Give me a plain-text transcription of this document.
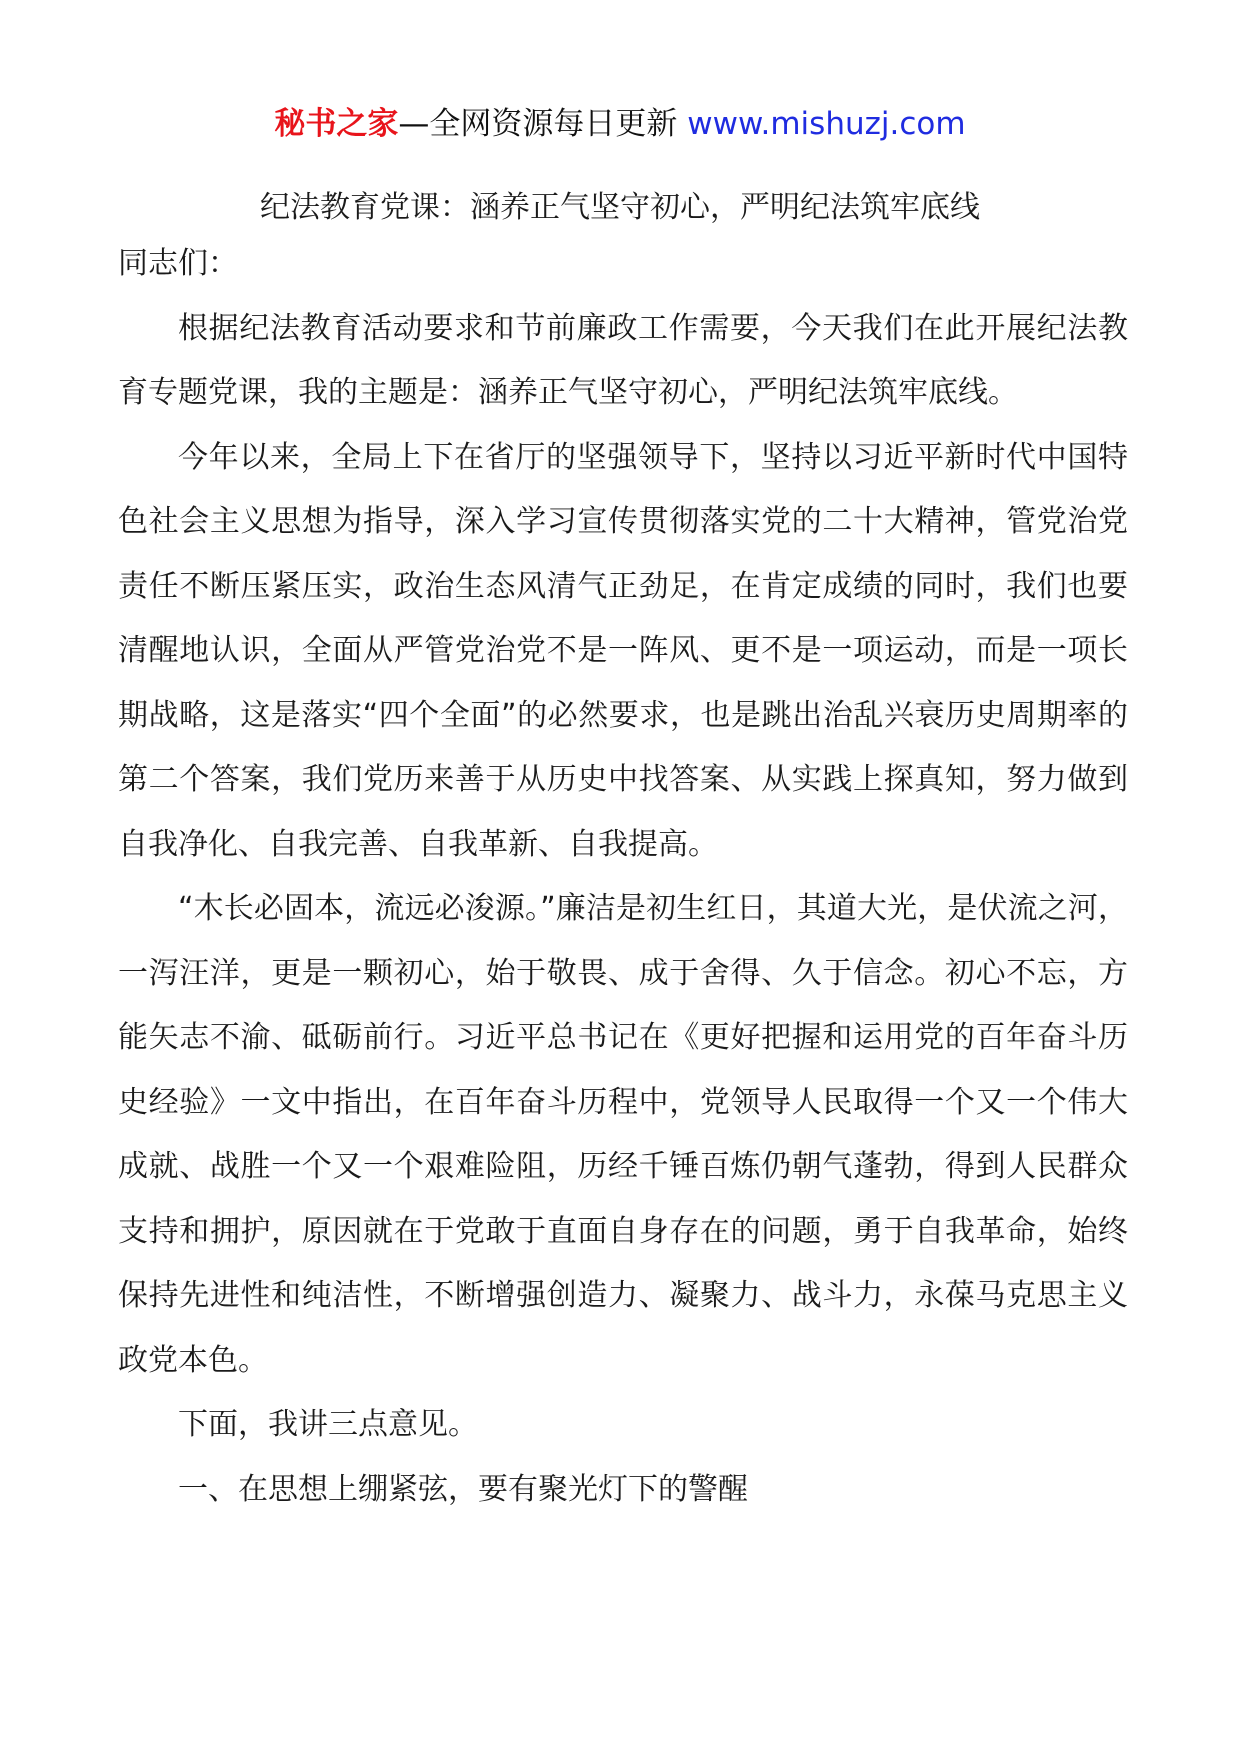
秘书之家—全网资源每日更新 www.mishuzj.com
纪法教育党课：涵养正气坚守初心，严明纪法筑牢底线

同志们：

根据纪法教育活动要求和节前廉政工作需要，今天我们在此开展纪法教育专题党课，我的主题是：涵养正气坚守初心，严明纪法筑牢底线。

今年以来，全局上下在省厅的坚强领导下，坚持以习近平新时代中国特色社会主义思想为指导，深入学习宣传贯彻落实党的二十大精神，管党治党责任不断压紧压实，政治生态风清气正劲足，在肯定成绩的同时，我们也要清醒地认识，全面从严管党治党不是一阵风、更不是一项运动，而是一项长期战略，这是落实“四个全面”的必然要求，也是跳出治乱兴衰历史周期率的第二个答案，我们党历来善于从历史中找答案、从实践上探真知，努力做到自我净化、自我完善、自我革新、自我提高。

“木长必固本，流远必浚源。”廉洁是初生红日，其道大光，是伏流之河，一泻汪洋，更是一颗初心，始于敬畏、成于舍得、久于信念。初心不忘，方能矢志不渝、砥砺前行。习近平总书记在《更好把握和运用党的百年奋斗历史经验》一文中指出，在百年奋斗历程中，党领导人民取得一个又一个伟大成就、战胜一个又一个艰难险阻，历经千锤百炼仍朝气蓬勃，得到人民群众支持和拥护，原因就在于党敢于直面自身存在的问题，勇于自我革命，始终保持先进性和纯洁性，不断增强创造力、凝聚力、战斗力，永葆马克思主义政党本色。

下面，我讲三点意见。

一、在思想上绷紧弦，要有聚光灯下的警醒
